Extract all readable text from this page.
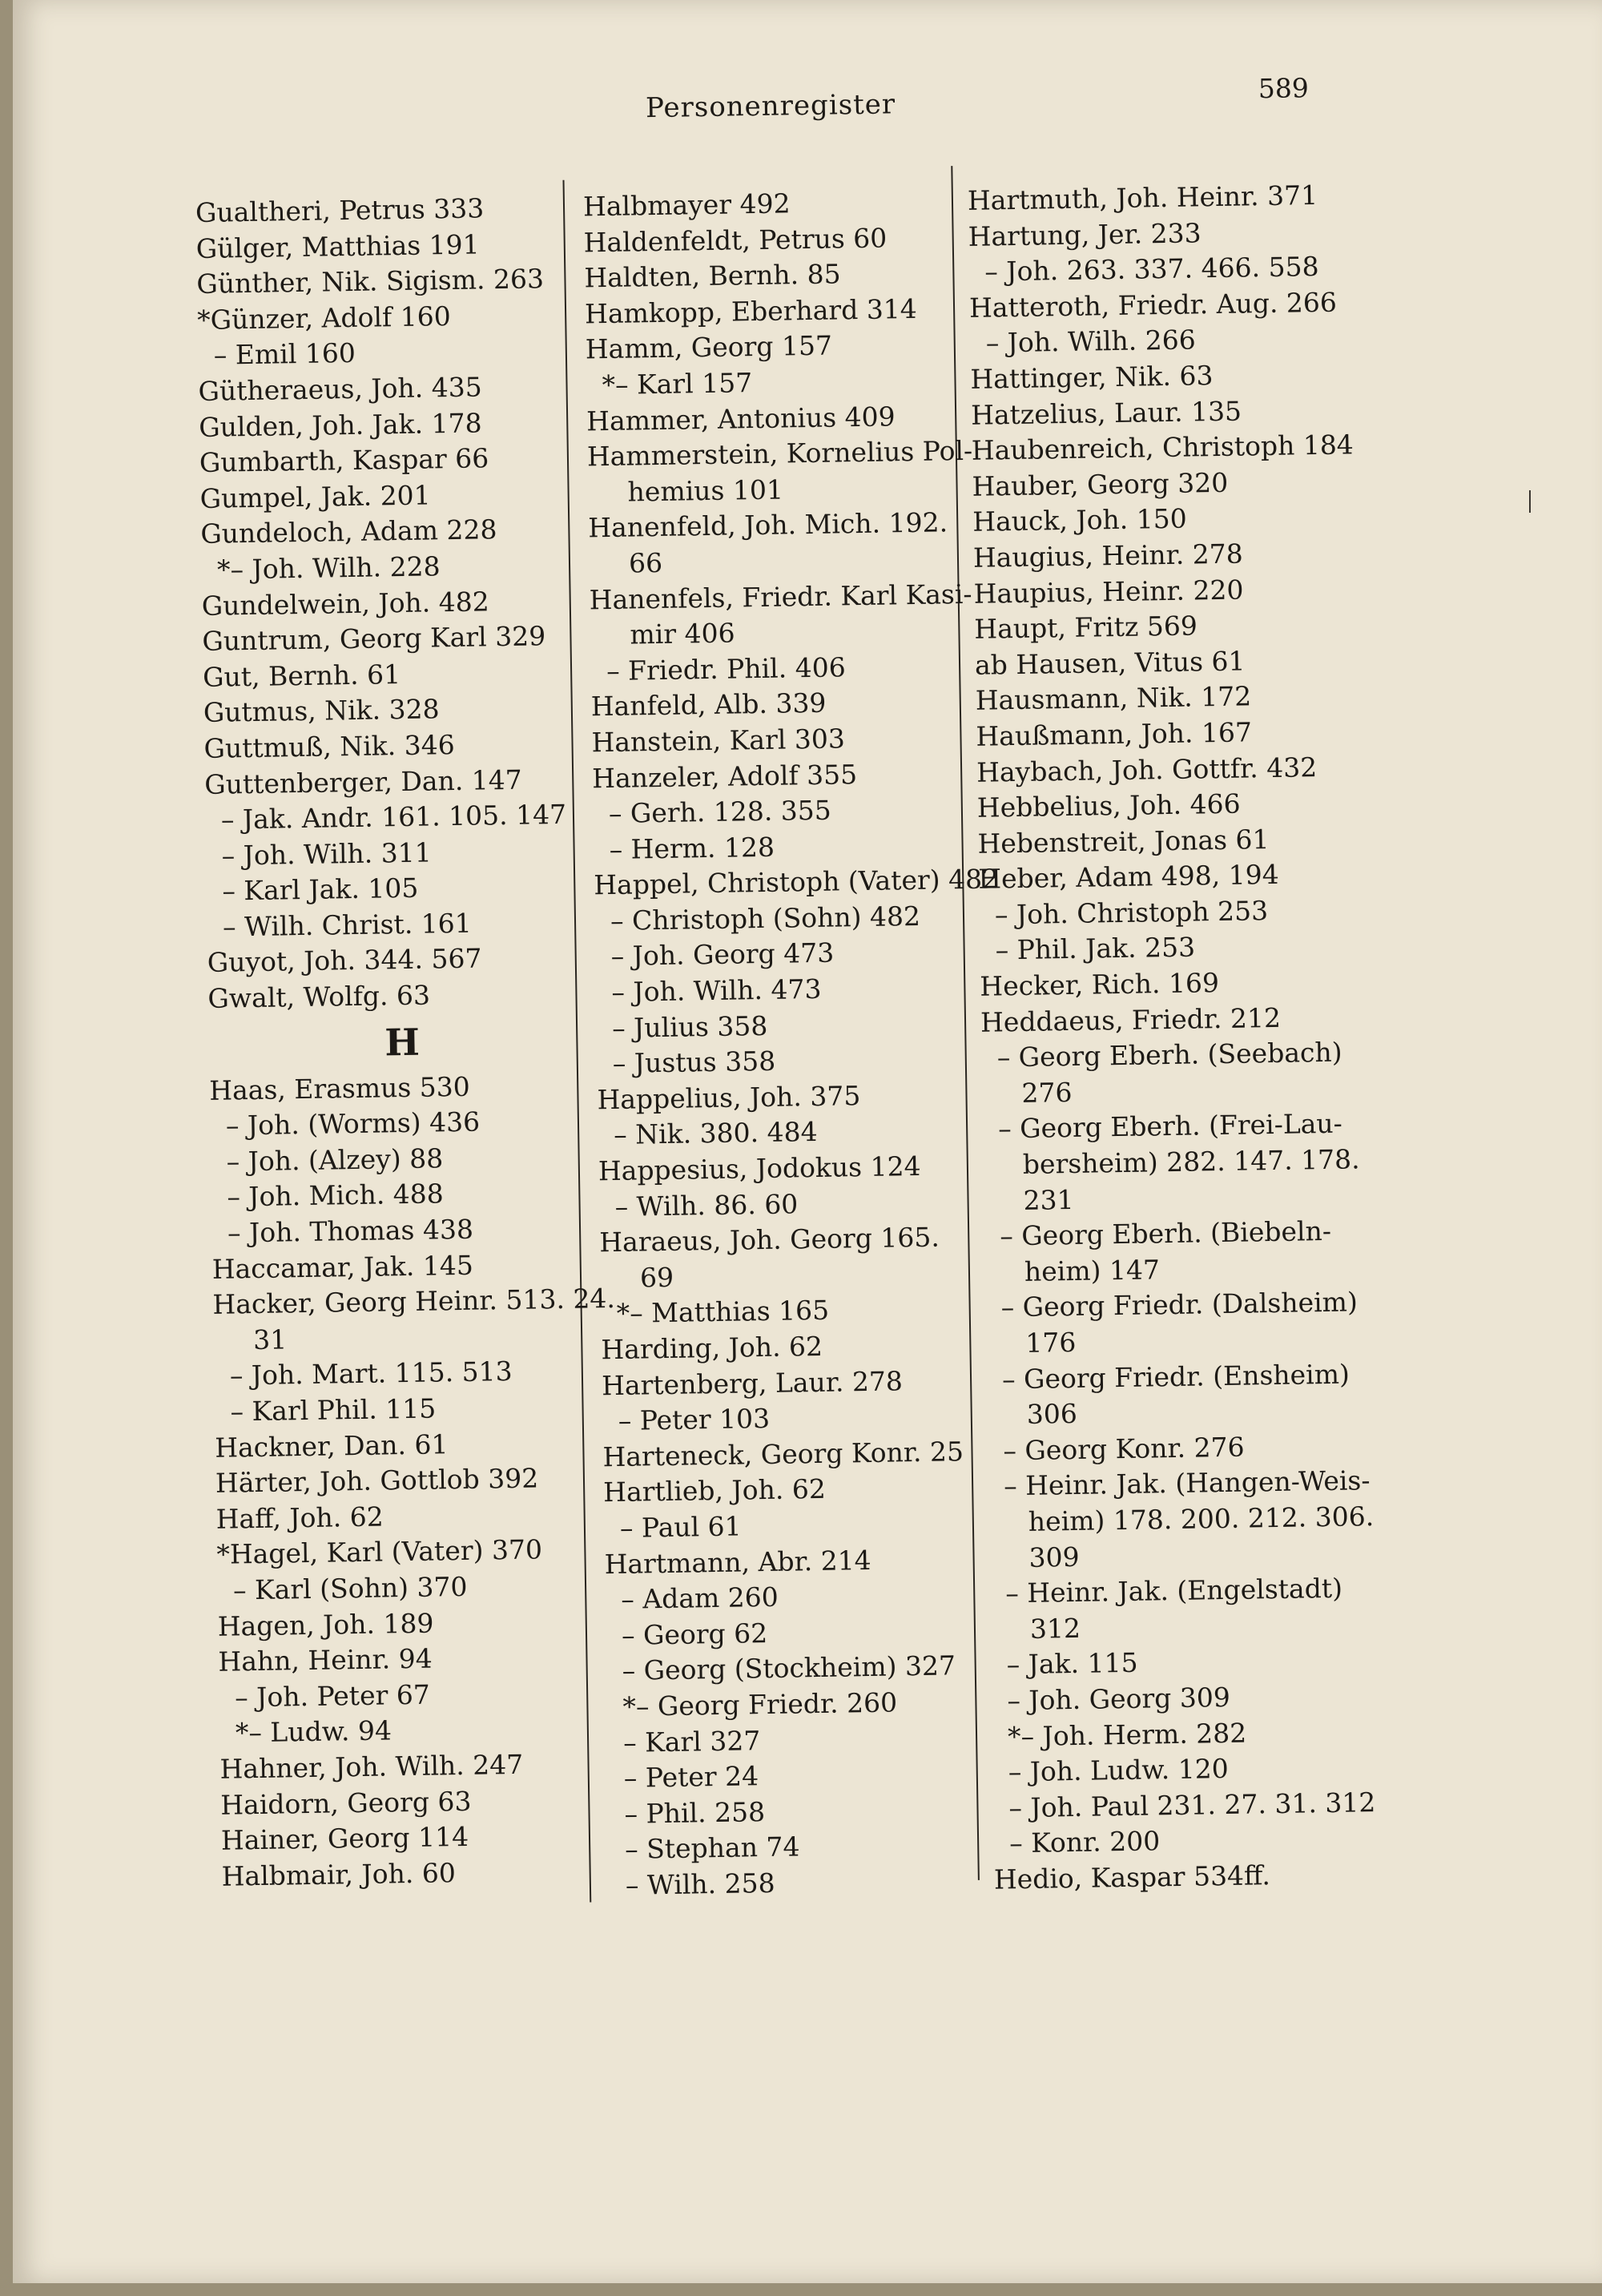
Personenregister
589
Gualtheri, Petrus 333
Gülger, Matthias 191
Günther, Nik. Sigism. 263
*Günzer, Adolf 160
– Emil 160
Gütheraeus, Joh. 435
Gulden, Joh. Jak. 178
Gumbarth, Kaspar 66
Gumpel, Jak. 201
Gundeloch, Adam 228
*– Joh. Wilh. 228
Gundelwein, Joh. 482
Guntrum, Georg Karl 329
Gut, Bernh. 61
Gutmus, Nik. 328
Guttmuß, Nik. 346
Guttenberger, Dan. 147
– Jak. Andr. 161. 105. 147
– Joh. Wilh. 311
– Karl Jak. 105
– Wilh. Christ. 161
Guyot, Joh. 344. 567
Gwalt, Wolfg. 63
H
Haas, Erasmus 530
– Joh. (Worms) 436
– Joh. (Alzey) 88
– Joh. Mich. 488
– Joh. Thomas 438
Haccamar, Jak. 145
Hacker, Georg Heinr. 513. 24.
31
– Joh. Mart. 115. 513
– Karl Phil. 115
Hackner, Dan. 61
Härter, Joh. Gottlob 392
Haff, Joh. 62
*Hagel, Karl (Vater) 370
– Karl (Sohn) 370
Hagen, Joh. 189
Hahn, Heinr. 94
– Joh. Peter 67
*– Ludw. 94
Hahner, Joh. Wilh. 247
Haidorn, Georg 63
Hainer, Georg 114
Halbmair, Joh. 60
Halbmayer 492
Haldenfeldt, Petrus 60
Haldten, Bernh. 85
Hamkopp, Eberhard 314
Hamm, Georg 157
*– Karl 157
Hammer, Antonius 409
Hammerstein, Kornelius Pol-
hemius 101
Hanenfeld, Joh. Mich. 192.
66
Hanenfels, Friedr. Karl Kasi-
mir 406
– Friedr. Phil. 406
Hanfeld, Alb. 339
Hanstein, Karl 303
Hanzeler, Adolf 355
– Gerh. 128. 355
– Herm. 128
Happel, Christoph (Vater) 482
– Christoph (Sohn) 482
– Joh. Georg 473
– Joh. Wilh. 473
– Julius 358
– Justus 358
Happelius, Joh. 375
– Nik. 380. 484
Happesius, Jodokus 124
– Wilh. 86. 60
Haraeus, Joh. Georg 165.
69
*– Matthias 165
Harding, Joh. 62
Hartenberg, Laur. 278
– Peter 103
Harteneck, Georg Konr. 25
Hartlieb, Joh. 62
– Paul 61
Hartmann, Abr. 214
– Adam 260
– Georg 62
– Georg (Stockheim) 327
*– Georg Friedr. 260
– Karl 327
– Peter 24
– Phil. 258
– Stephan 74
– Wilh. 258
Hartmuth, Joh. Heinr. 371
Hartung, Jer. 233
– Joh. 263. 337. 466. 558
Hatteroth, Friedr. Aug. 266
– Joh. Wilh. 266
Hattinger, Nik. 63
Hatzelius, Laur. 135
Haubenreich, Christoph 184
Hauber, Georg 320
Hauck, Joh. 150
Haugius, Heinr. 278
Haupius, Heinr. 220
Haupt, Fritz 569
ab Hausen, Vitus 61
Hausmann, Nik. 172
Haußmann, Joh. 167
Haybach, Joh. Gottfr. 432
Hebbelius, Joh. 466
Hebenstreit, Jonas 61
Heber, Adam 498, 194
– Joh. Christoph 253
– Phil. Jak. 253
Hecker, Rich. 169
Heddaeus, Friedr. 212
– Georg Eberh. (Seebach)
276
– Georg Eberh. (Frei-Lau-
bersheim) 282. 147. 178.
231
– Georg Eberh. (Biebeln-
heim) 147
– Georg Friedr. (Dalsheim)
176
– Georg Friedr. (Ensheim)
306
– Georg Konr. 276
– Heinr. Jak. (Hangen-Weis-
heim) 178. 200. 212. 306.
309
– Heinr. Jak. (Engelstadt)
312
– Jak. 115
– Joh. Georg 309
*– Joh. Herm. 282
– Joh. Ludw. 120
– Joh. Paul 231. 27. 31. 312
– Konr. 200
Hedio, Kaspar 534ff.
